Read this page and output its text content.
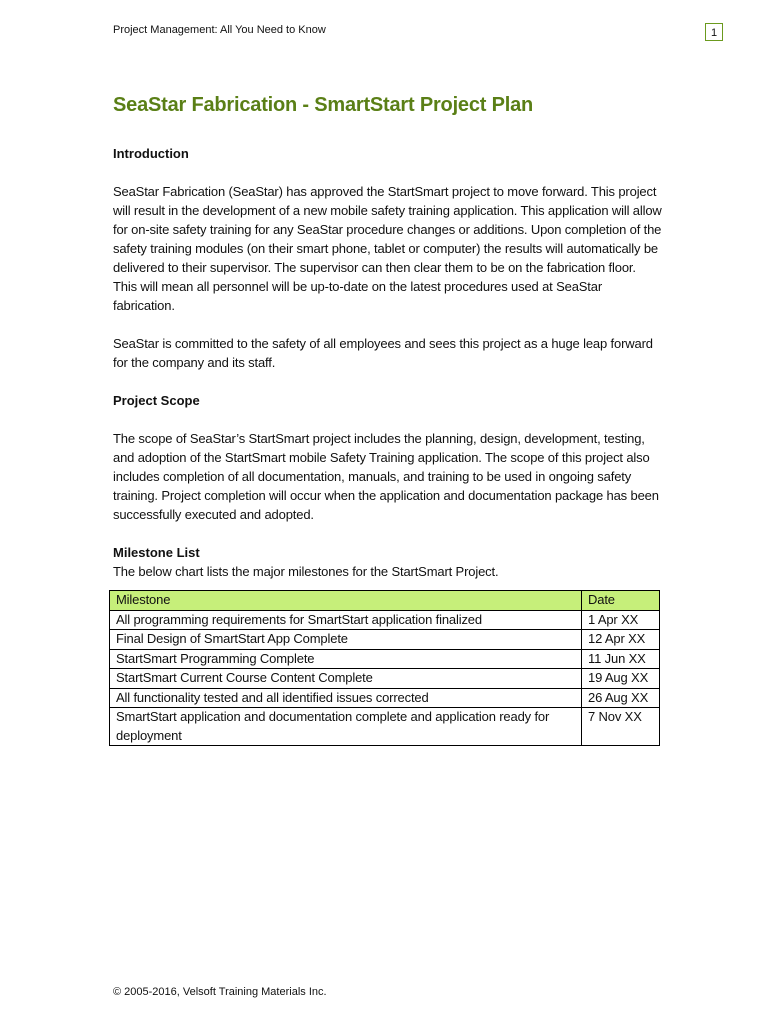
Project Management: All You Need to Know	1
SeaStar Fabrication - SmartStart Project Plan

Introduction

SeaStar Fabrication (SeaStar) has approved the StartSmart project to move forward. This project will result in the development of a new mobile safety training application. This application will allow for on-site safety training for any SeaStar procedure changes or additions. Upon completion of the safety training modules (on their smart phone, tablet or computer) the results will automatically be delivered to their supervisor. The supervisor can then clear them to be on the fabrication floor. This will mean all personnel will be up-to-date on the latest procedures used at SeaStar fabrication.

SeaStar is committed to the safety of all employees and sees this project as a huge leap forward for the company and its staff.

Project Scope

The scope of SeaStar’s StartSmart project includes the planning, design, development, testing, and adoption of the StartSmart mobile Safety Training application. The scope of this project also includes completion of all documentation, manuals, and training to be used in ongoing safety training. Project completion will occur when the application and documentation package has been successfully executed and adopted.

Milestone List

The below chart lists the major milestones for the StartSmart Project.

Milestone	Date
All programming requirements for SmartStart application finalized	1 Apr XX
Final Design of SmartStart App Complete	12 Apr XX
StartSmart Programming Complete	11 Jun XX
StartSmart Current Course Content Complete	19 Aug XX
All functionality tested and all identified issues corrected	26 Aug XX
SmartStart application and documentation complete and application ready for deployment	7 Nov XX
© 2005-2016, Velsoft Training Materials Inc.
